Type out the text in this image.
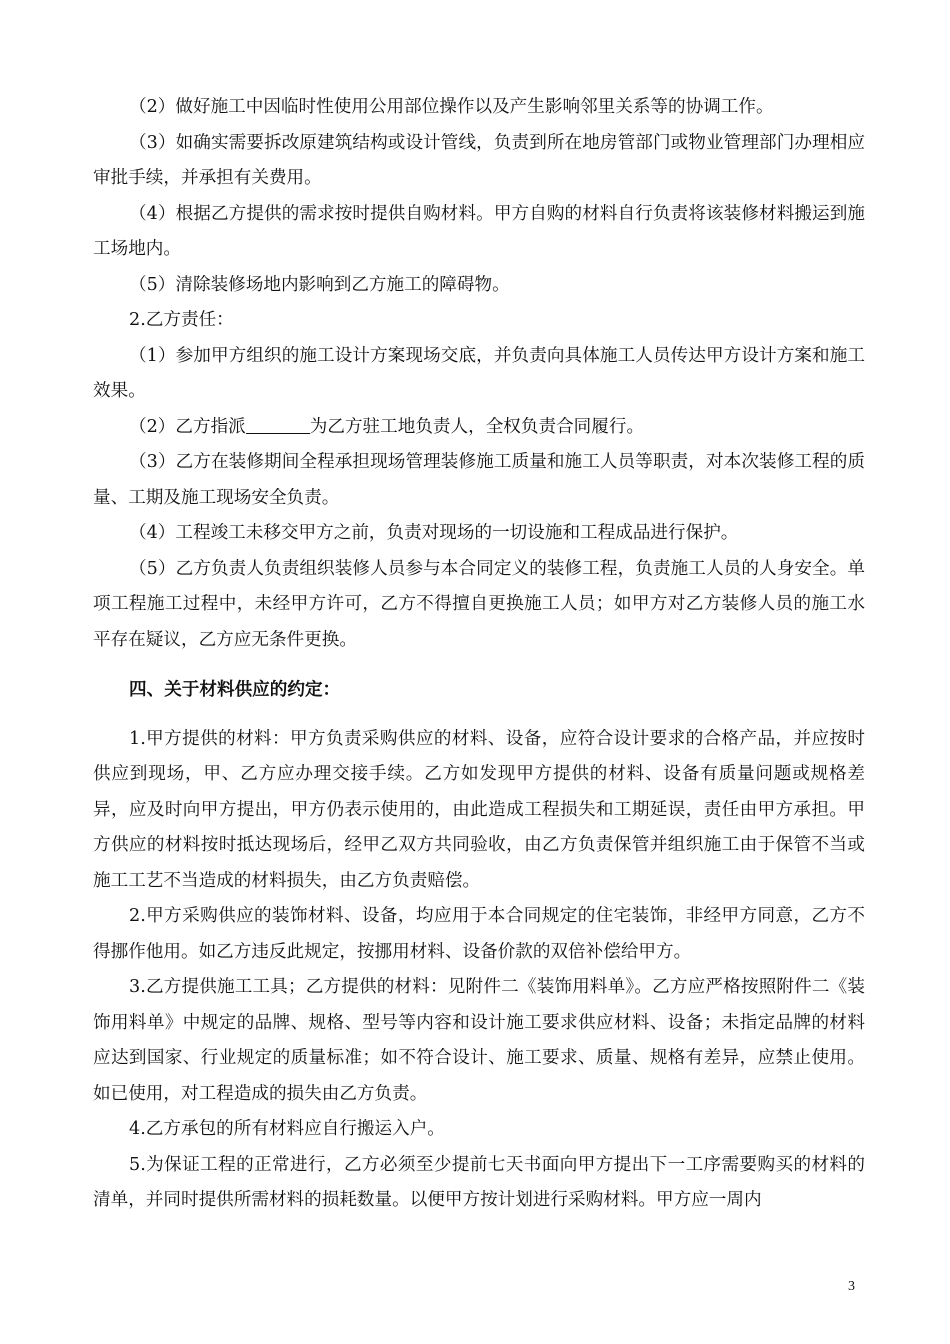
（2）做好施工中因临时性使用公用部位操作以及产生影响邻里关系等的协调工作。

（3）如确实需要拆改原建筑结构或设计管线，负责到所在地房管部门或物业管理部门办理相应审批手续，并承担有关费用。

（4）根据乙方提供的需求按时提供自购材料。甲方自购的材料自行负责将该装修材料搬运到施工场地内。

（5）清除装修场地内影响到乙方施工的障碍物。

2.乙方责任：

（1）参加甲方组织的施工设计方案现场交底，并负责向具体施工人员传达甲方设计方案和施工效果。

（2）乙方指派	为乙方驻工地负责人，全权负责合同履行。

（3）乙方在装修期间全程承担现场管理装修施工质量和施工人员等职责，对本次装修工程的质量、工期及施工现场安全负责。

（4）工程竣工未移交甲方之前，负责对现场的一切设施和工程成品进行保护。

（5）乙方负责人负责组织装修人员参与本合同定义的装修工程，负责施工人员的人身安全。单项工程施工过程中，未经甲方许可，乙方不得擅自更换施工人员；如甲方对乙方装修人员的施工水平存在疑议，乙方应无条件更换。

四、关于材料供应的约定：

1.甲方提供的材料：甲方负责采购供应的材料、设备，应符合设计要求的合格产品，并应按时供应到现场，甲、乙方应办理交接手续。乙方如发现甲方提供的材料、设备有质量问题或规格差异，应及时向甲方提出，甲方仍表示使用的，由此造成工程损失和工期延误，责任由甲方承担。甲方供应的材料按时抵达现场后，经甲乙双方共同验收，由乙方负责保管并组织施工由于保管不当或施工工艺不当造成的材料损失，由乙方负责赔偿。

2.甲方采购供应的装饰材料、设备，均应用于本合同规定的住宅装饰，非经甲方同意，乙方不得挪作他用。如乙方违反此规定，按挪用材料、设备价款的双倍补偿给甲方。

3.乙方提供施工工具；乙方提供的材料：见附件二《装饰用料单》。乙方应严格按照附件二《装饰用料单》中规定的品牌、规格、型号等内容和设计施工要求供应材料、设备；未指定品牌的材料应达到国家、行业规定的质量标准；如不符合设计、施工要求、质量、规格有差异，应禁止使用。如已使用，对工程造成的损失由乙方负责。

4.乙方承包的所有材料应自行搬运入户。

5.为保证工程的正常进行，乙方必须至少提前七天书面向甲方提出下一工序需要购买的材料的清单，并同时提供所需材料的损耗数量。以便甲方按计划进行采购材料。甲方应一周内

3
